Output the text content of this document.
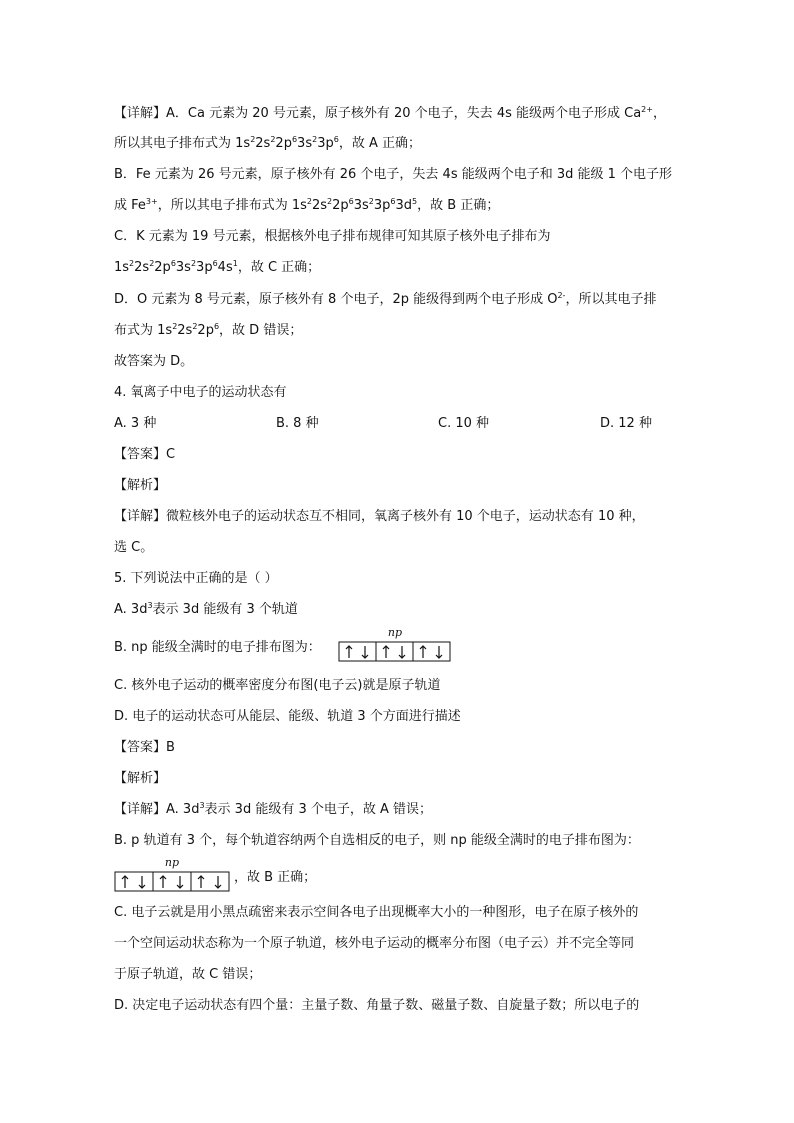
【详解】A．Ca 元素为 20 号元素，原子核外有 20 个电子，失去 4s 能级两个电子形成 $Ca^{2+}$，
所以其电子排布式为 $1s^22s^22p^63s^23p^6$，故 A 正确；
B．Fe 元素为 26 号元素，原子核外有 26 个电子，失去 4s 能级两个电子和 3d 能级 1 个电子形
成 $Fe^{3+}$，所以其电子排布式为 $1s^22s^22p^63s^23p^63d^5$，故 B 正确；
C．K 元素为 19 号元素，根据核外电子排布规律可知其原子核外电子排布为
$1s^22s^22p^63s^23p^64s^1$，故 C 正确；
D．O 元素为 8 号元素，原子核外有 8 个电子，2p 能级得到两个电子形成 $O^{2-}$，所以其电子排
布式为 $1s^22s^22p^6$，故 D 错误；
故答案为 D。
4. 氧离子中电子的运动状态有
A. 3 种	B. 8 种	C. 10 种	D. 12 种
【答案】C
【解析】
【详解】微粒核外电子的运动状态互不相同，氧离子核外有 10 个电子，运动状态有 10 种，
选 C。
5. 下列说法中正确的是（ ）
A. $3d^3$表示 3d 能级有 3 个轨道
B. np 能级全满时的电子排布图为：
np
C. 核外电子运动的概率密度分布图(电子云)就是原子轨道
D. 电子的运动状态可从能层、能级、轨道 3 个方面进行描述
【答案】B
【解析】
【详解】A. $3d^3$表示 3d 能级有 3 个电子，故 A 错误；
B. p 轨道有 3 个，每个轨道容纳两个自选相反的电子，则 np 能级全满时的电子排布图为：
np
，故 B 正确；
C. 电子云就是用小黑点疏密来表示空间各电子出现概率大小的一种图形，电子在原子核外的
一个空间运动状态称为一个原子轨道，核外电子运动的概率分布图（电子云）并不完全等同
于原子轨道，故 C 错误；
D. 决定电子运动状态有四个量：主量子数、角量子数、磁量子数、自旋量子数；所以电子的
